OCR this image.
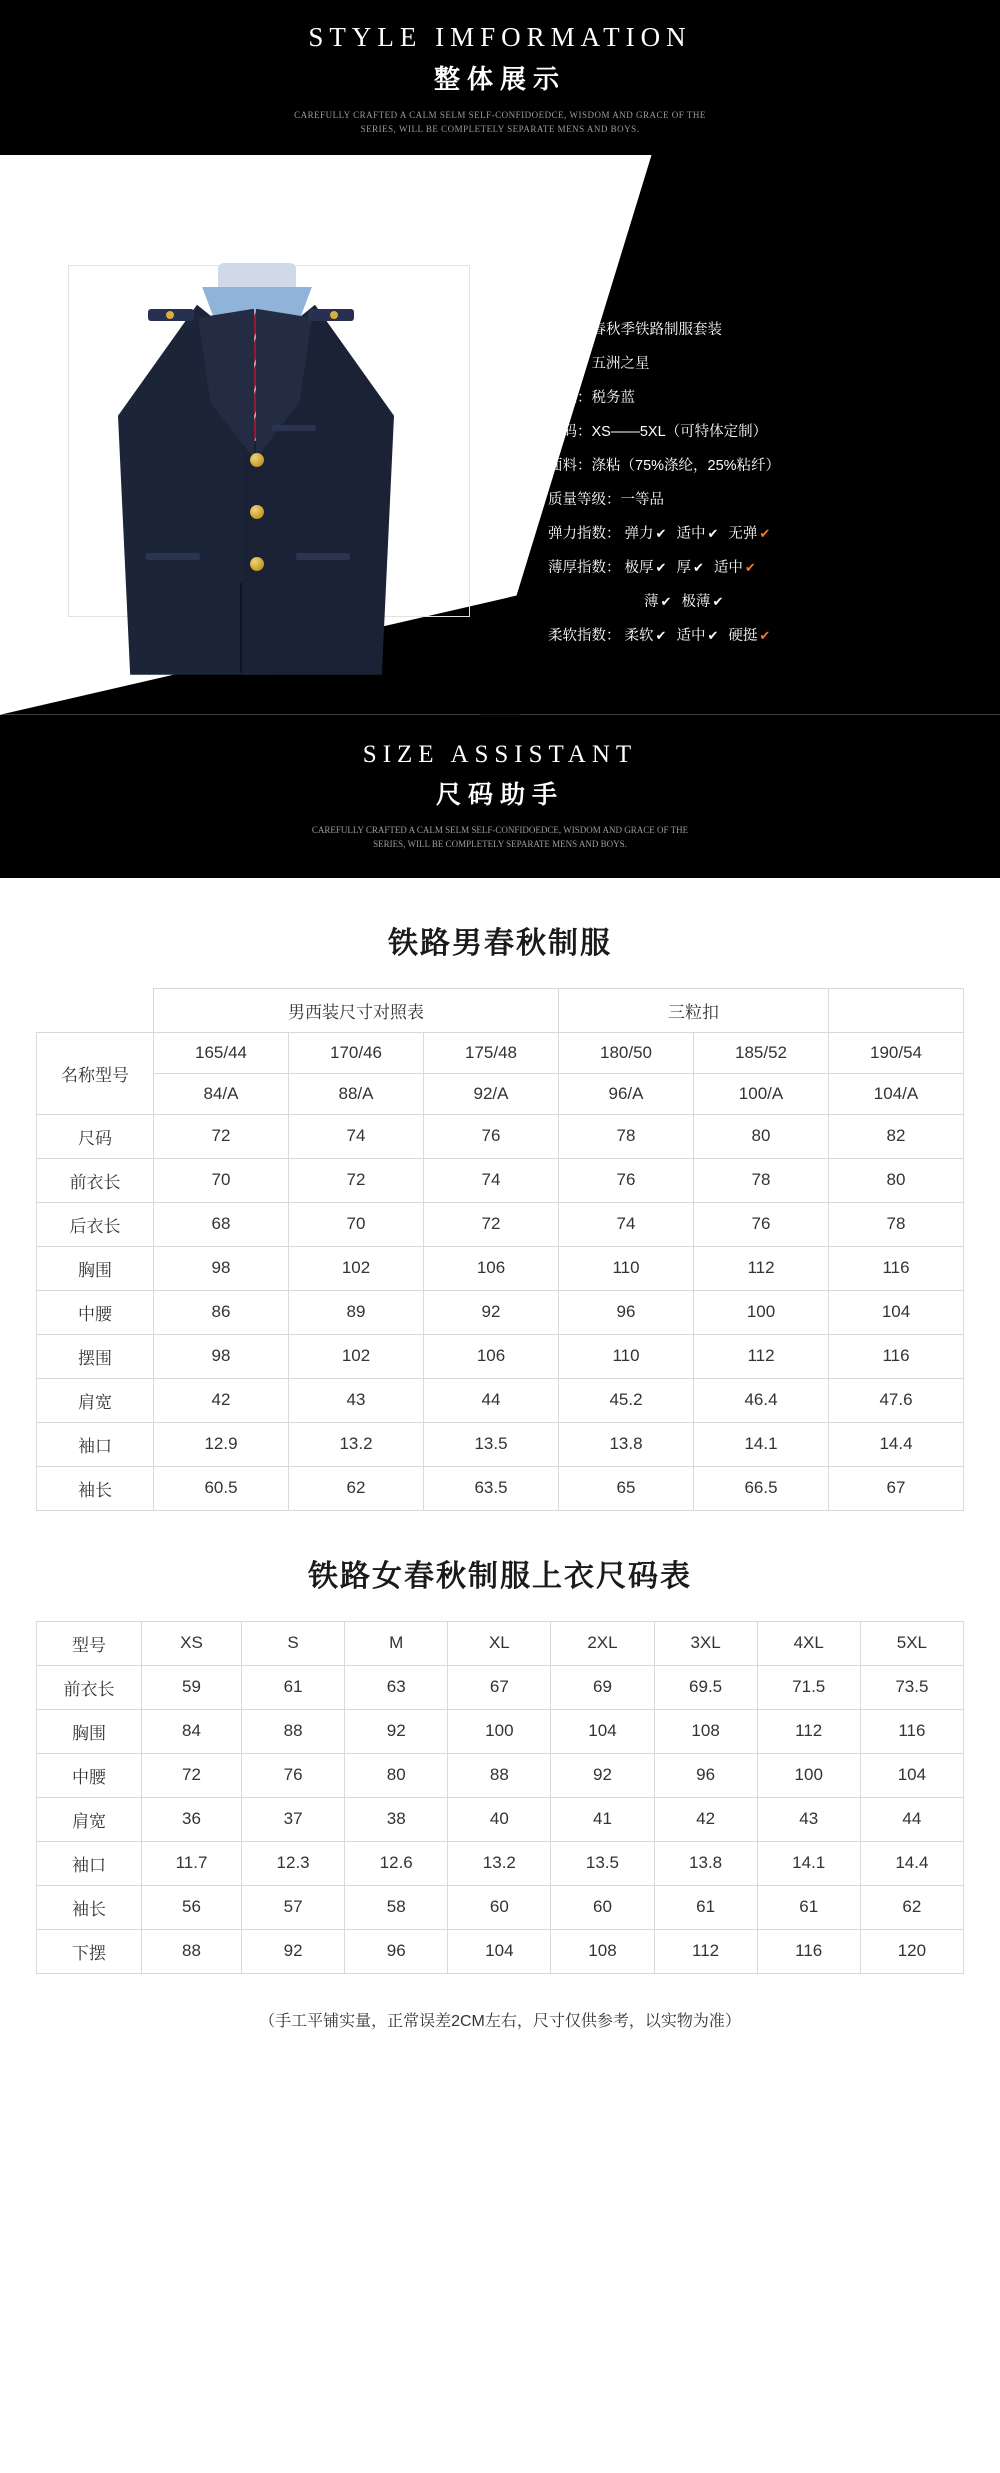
STYLE IMFORMATION
整体展示
CAREFULLY CRAFTED A CALM SELM SELF-CONFIDOEDCE, WISDOM AND GRACE OF THE
SERIES, WILL BE COMPLETELY SEPARATE MENS AND BOYS.
名称：春秋季铁路制服套装
品牌：五洲之星
颜色：税务蓝
尺码：XS——5XL（可特体定制）
面料：涤粘（75%涤纶，25%粘纤）
质量等级：一等品
弹力指数： 弹力 ✔ 适中 ✔ 无弹 ✔
薄厚指数： 极厚 ✔ 厚 ✔ 适中 ✔
薄 ✔ 极薄 ✔
柔软指数： 柔软 ✔ 适中 ✔ 硬挺 ✔
SIZE ASSISTANT
尺码助手
CAREFULLY CRAFTED A CALM SELM SELF-CONFIDOEDCE, WISDOM AND GRACE OF THE
SERIES, WILL BE COMPLETELY SEPARATE MENS AND BOYS.
铁路男春秋制服
	男西装尺寸对照表			三粒扣		
名称型号	165/44	170/46	175/48	180/50	185/52	190/54
	84/A	88/A	92/A	96/A	100/A	104/A
尺码	72	74	76	78	80	82
前衣长	70	72	74	76	78	80
后衣长	68	70	72	74	76	78
胸围	98	102	106	110	112	116
中腰	86	89	92	96	100	104
摆围	98	102	106	110	112	116
肩宽	42	43	44	45.2	46.4	47.6
袖口	12.9	13.2	13.5	13.8	14.1	14.4
袖长	60.5	62	63.5	65	66.5	67
铁路女春秋制服上衣尺码表
型号	XS	S	M	XL	2XL	3XL	4XL	5XL
前衣长	59	61	63	67	69	69.5	71.5	73.5
胸围	84	88	92	100	104	108	112	116
中腰	72	76	80	88	92	96	100	104
肩宽	36	37	38	40	41	42	43	44
袖口	11.7	12.3	12.6	13.2	13.5	13.8	14.1	14.4
袖长	56	57	58	60	60	61	61	62
下摆	88	92	96	104	108	112	116	120
（手工平铺实量，正常误差2CM左右，尺寸仅供参考，以实物为准）
